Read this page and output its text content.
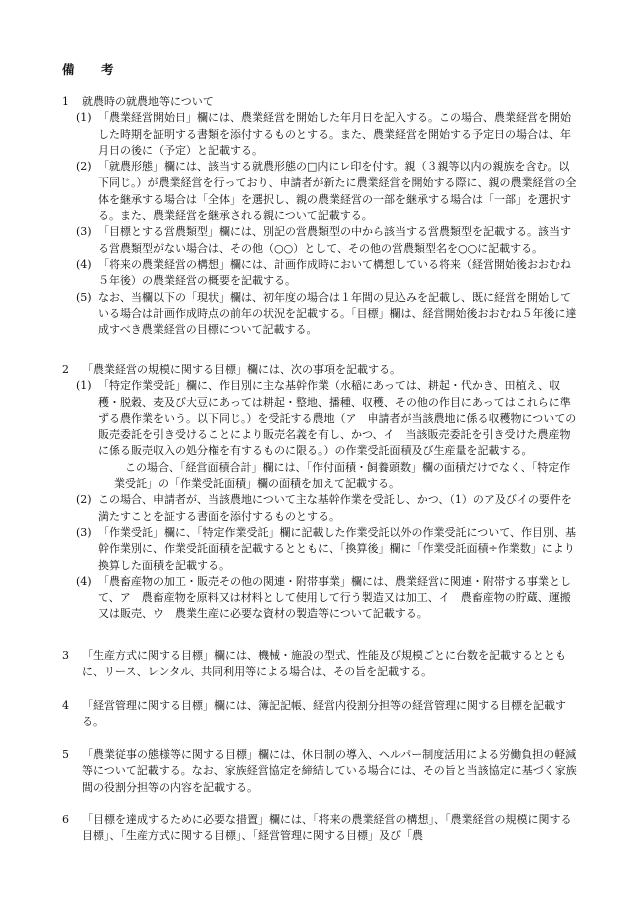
備　考
1	就農時の就農地等について
(1) 「農業経営開始日」欄には、農業経営を開始した年月日を記入する。この場合、農業経営を開始した時期を証明する書類を添付するものとする。また、農業経営を開始する予定日の場合は、年月日の後に（予定）と記載する。
(2) 「就農形態」欄には、該当する就農形態の□内にレ印を付す。親（３親等以内の親族を含む。以下同じ。）が農業経営を行っており、申請者が新たに農業経営を開始する際に、親の農業経営の全体を継承する場合は「全体」を選択し、親の農業経営の一部を継承する場合は「一部」を選択する。また、農業経営を継承される親について記載する。
(3) 「目標とする営農類型」欄には、別記の営農類型の中から該当する営農類型を記載する。該当する営農類型がない場合は、その他（○○）として、その他の営農類型名を○○に記載する。
(4) 「将来の農業経営の構想」欄には、計画作成時において構想している将来（経営開始後おおむね５年後）の農業経営の概要を記載する。
(5) なお、当欄以下の「現状」欄は、初年度の場合は１年間の見込みを記載し、既に経営を開始している場合は計画作成時点の前年の状況を記載する。「目標」欄は、経営開始後おおむね５年後に達成すべき農業経営の目標について記載する。
2	「農業経営の規模に関する目標」欄には、次の事項を記載する。
(1) 「特定作業受託」欄に、作目別に主な基幹作業（水稲にあっては、耕起・代かき、田植え、収穫・脱穀、麦及び大豆にあっては耕起・整地、播種、収穫、その他の作目にあってはこれらに準ずる農作業をいう。以下同じ。）を受託する農地（ア　申請者が当該農地に係る収穫物についての販売委託を引き受けることにより販売名義を有し、かつ、イ　当該販売委託を引き受けた農産物に係る販売収入の処分権を有するものに限る。）の作業受託面積及び生産量を記載する。
この場合、「経営面積合計」欄には、「作付面積・飼養頭数」欄の面積だけでなく、「特定作業受託」の「作業受託面積」欄の面積を加えて記載する。
(2) この場合、申請者が、当該農地について主な基幹作業を受託し、かつ、（1）のア及びイの要件を満たすことを証する書面を添付するものとする。
(3) 「作業受託」欄に、「特定作業受託」欄に記載した作業受託以外の作業受託について、作目別、基幹作業別に、作業受託面積を記載するとともに、「換算後」欄に「作業受託面積÷作業数」により換算した面積を記載する。
(4) 「農畜産物の加工・販売その他の関連・附帯事業」欄には、農業経営に関連・附帯する事業として、ア　農畜産物を原料又は材料として使用して行う製造又は加工、イ　農畜産物の貯蔵、運搬又は販売、ウ　農業生産に必要な資材の製造等について記載する。
3	「生産方式に関する目標」欄には、機械・施設の型式、性能及び規模ごとに台数を記載するとともに、リース、レンタル、共同利用等による場合は、その旨を記載する。
4	「経営管理に関する目標」欄には、簿記記帳、経営内役割分担等の経営管理に関する目標を記載する。
5	「農業従事の態様等に関する目標」欄には、休日制の導入、ヘルパー制度活用による労働負担の軽減等について記載する。なお、家族経営協定を締結している場合には、その旨と当該協定に基づく家族間の役割分担等の内容を記載する。
6	「目標を達成するために必要な措置」欄には、「将来の農業経営の構想」、「農業経営の規模に関する目標」、「生産方式に関する目標」、「経営管理に関する目標」及び「農
